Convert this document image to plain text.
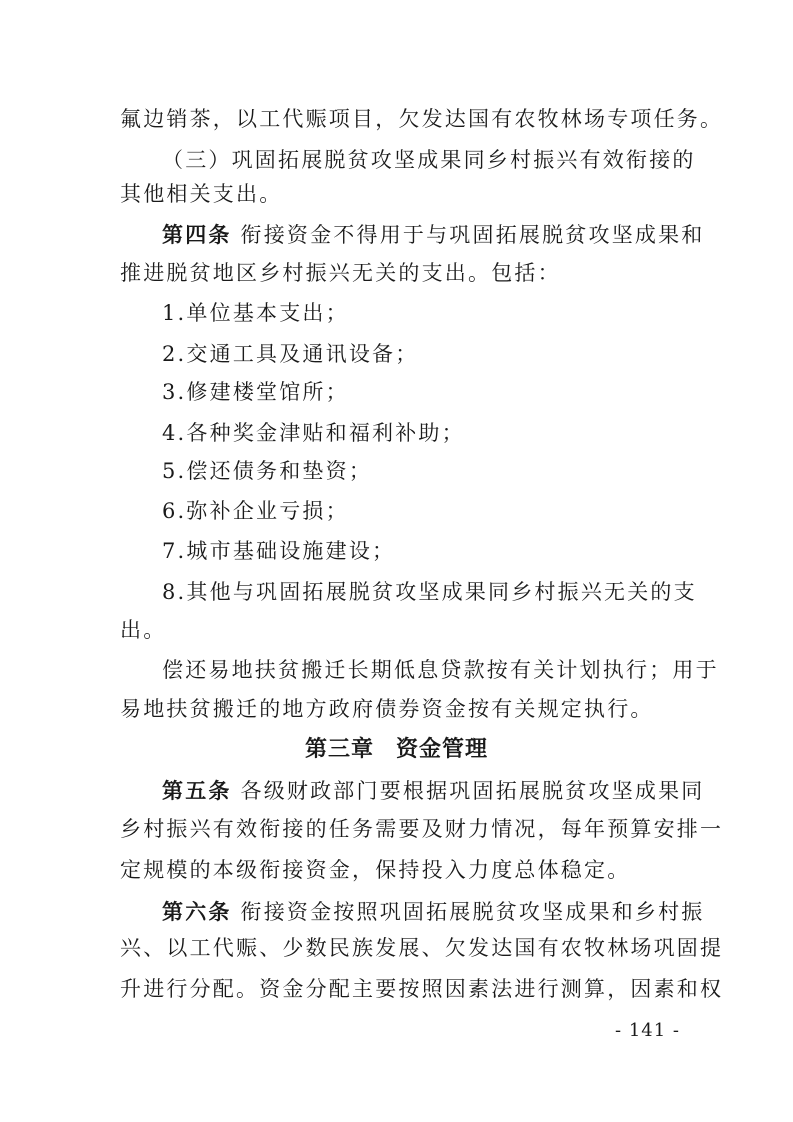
氟边销茶，以工代赈项目，欠发达国有农牧林场专项任务。
（三）巩固拓展脱贫攻坚成果同乡村振兴有效衔接的
其他相关支出。
第四条 衔接资金不得用于与巩固拓展脱贫攻坚成果和
推进脱贫地区乡村振兴无关的支出。包括：
1.单位基本支出；
2.交通工具及通讯设备；
3.修建楼堂馆所；
4.各种奖金津贴和福利补助；
5.偿还债务和垫资；
6.弥补企业亏损；
7.城市基础设施建设；
8.其他与巩固拓展脱贫攻坚成果同乡村振兴无关的支
出。
偿还易地扶贫搬迁长期低息贷款按有关计划执行；用于
易地扶贫搬迁的地方政府债券资金按有关规定执行。
第三章 资金管理
第五条 各级财政部门要根据巩固拓展脱贫攻坚成果同
乡村振兴有效衔接的任务需要及财力情况，每年预算安排一
定规模的本级衔接资金，保持投入力度总体稳定。
第六条 衔接资金按照巩固拓展脱贫攻坚成果和乡村振
兴、以工代赈、少数民族发展、欠发达国有农牧林场巩固提
升进行分配。资金分配主要按照因素法进行测算，因素和权
- 141 -
